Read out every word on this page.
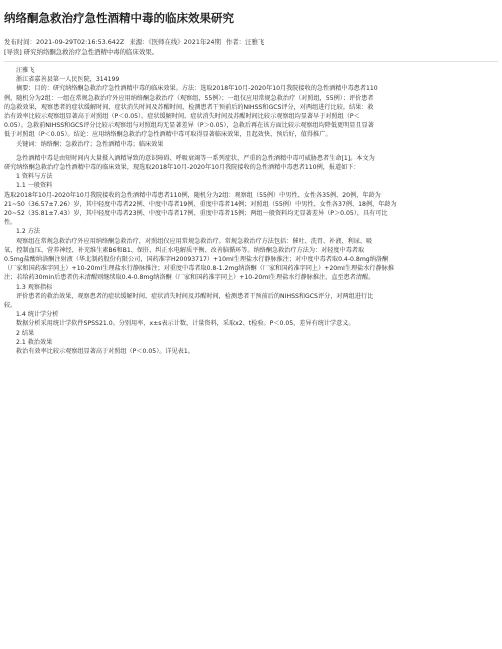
纳络酮急救治疗急性酒精中毒的临床效果研究
发布时间：2021-09-29T02:16:53.642Z 来源：《医师在线》2021年24期 作者：汪雅飞
[导读] 研究纳络酮急救治疗急性酒精中毒的临床效果。

汪雅飞

浙江省嘉善县第一人民医院，314199

摘要：目的：研究纳络酮急救治疗急性酒精中毒的临床效果。方法：选取2018年10月-2020年10月我院接收的急性酒精中毒患者110

例，随机分为2组：一组在常规急救治疗外应用纳络酮急救治疗（观察组，55例）；一组仅应用常规急救治疗（对照组，55例）；评价患者

的急救效果，观察患者的症状缓解时间、症状消失时间及苏醒时间，检测患者干预前后的NIHSS和GCS评分，对两组进行比较。结果：救

治有效率比较示观察组显著高于对照组（P＜0.05）。症状缓解时间、症状消失时间及苏醒时间比较示观察组均显著早于对照组（P＜

0.05）。急救前NIHSS和GCS评分比较示观察组与对照组均无显著差异（P＞0.05），急救后再在该方面比较示观察组均降低更明显且显著

低于对照组（P＜0.05）。结论：应用纳络酮急救治疗急性酒精中毒可取得显著临床效果，且起效快、预后好，值得推广。

关键词：纳络酮；急救治疗；急性酒精中毒；临床效果

急性酒精中毒是由短时间内大量摄入酒精导致的意识障碍、呼吸衰竭等一系列症状，严重的急性酒精中毒可威胁患者生命[1]。本文为

研究纳络酮急救治疗急性酒精中毒的临床效果，现选取2018年10月-2020年10月我院接收的急性酒精中毒患者110例，报道如下：

1 资料与方法

1.1 一般资料

选取2018年10月-2020年10月我院接收的急性酒精中毒患者110例，随机分为2组：观察组（55例）中男性、女性各35例、20例，年龄为

21~50（36.57±7.26）岁，其中轻度中毒者22例、中度中毒者19例、重度中毒者14例；对照组（55例）中男性、女性各37例、18例，年龄为

20~52（35.81±7.43）岁，其中轻度中毒者23例、中度中毒者17例、重度中毒者15例；两组一般资料均无显著差异（P＞0.05），具有可比

性。

1.2 方法

观察组在常规急救治疗外应用纳络酮急救治疗，对照组仅应用常规急救治疗。常规急救治疗方法包括：催吐、洗胃、补液、利尿、吸

氧、控制血压、营养神经、补充维生素B6和B1、保肝、纠正水电解质平衡、改善脑循环等。纳络酮急救治疗方法为：对轻度中毒者取

0.5mg盐酸纳洛酮注射液（华北制药股份有限公司，国药准字H20093717）+10ml生理盐水行静脉推注；对中度中毒者取0.4-0.8mg纳洛酮

（厂家和国药准字同上）+10-20ml生理盐水行静脉推注；对重度中毒者取0.8-1.2mg纳洛酮（厂家和国药准字同上）+20ml生理盐水行静脉推

注；若给药30min后患者仍未清醒则继续取0.4-0.8mg纳洛酮（厂家和国药准字同上）+10-20ml生理盐水行静脉推注，直至患者清醒。

1.3 观察指标

评价患者的救治效果，观察患者的症状缓解时间、症状消失时间及苏醒时间，检测患者干预前后的NIHSS和GCS评分，对两组进行比

较。

1.4 统计学分析

数据分析采用统计学软件SPSS21.0。分别用率、x±s表示计数、计量资料，采取x2、t检验。P＜0.05，差异有统计学意义。

2 结果

2.1 救治效果

救治有效率比较示观察组显著高于对照组（P＜0.05）。详见表1。
